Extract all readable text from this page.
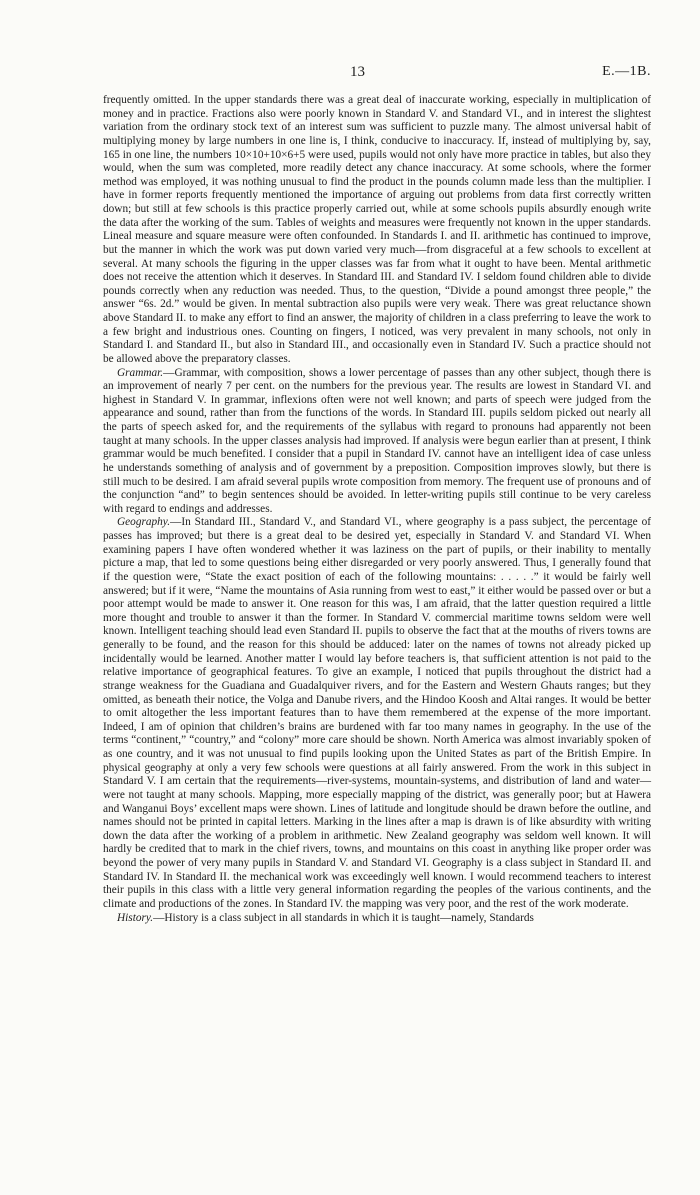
13	E.—1B.

frequently omitted. In the upper standards there was a great deal of inaccurate working, especially in multiplication of money and in practice. Fractions also were poorly known in Standard V. and Standard VI., and in interest the slightest variation from the ordinary stock text of an interest sum was sufficient to puzzle many. The almost universal habit of multiplying money by large numbers in one line is, I think, conducive to inaccuracy. If, instead of multiplying by, say, 165 in one line, the numbers 10×10+10×6+5 were used, pupils would not only have more practice in tables, but also they would, when the sum was completed, more readily detect any chance inaccuracy. At some schools, where the former method was employed, it was nothing unusual to find the product in the pounds column made less than the multiplier. I have in former reports frequently mentioned the importance of arguing out problems from data first correctly written down; but still at few schools is this practice properly carried out, while at some schools pupils absurdly enough write the data after the working of the sum. Tables of weights and measures were frequently not known in the upper standards. Lineal measure and square measure were often confounded. In Standards I. and II. arithmetic has continued to improve, but the manner in which the work was put down varied very much—from disgraceful at a few schools to excellent at several. At many schools the figuring in the upper classes was far from what it ought to have been. Mental arithmetic does not receive the attention which it deserves. In Standard III. and Standard IV. I seldom found children able to divide pounds correctly when any reduction was needed. Thus, to the question, “Divide a pound amongst three people,” the answer “6s. 2d.” would be given. In mental subtraction also pupils were very weak. There was great reluctance shown above Standard II. to make any effort to find an answer, the majority of children in a class preferring to leave the work to a few bright and industrious ones. Counting on fingers, I noticed, was very prevalent in many schools, not only in Standard I. and Standard II., but also in Standard III., and occasionally even in Standard IV. Such a practice should not be allowed above the preparatory classes.

Grammar.—Grammar, with composition, shows a lower percentage of passes than any other subject, though there is an improvement of nearly 7 per cent. on the numbers for the previous year. The results are lowest in Standard VI. and highest in Standard V. In grammar, inflexions often were not well known; and parts of speech were judged from the appearance and sound, rather than from the functions of the words. In Standard III. pupils seldom picked out nearly all the parts of speech asked for, and the requirements of the syllabus with regard to pronouns had apparently not been taught at many schools. In the upper classes analysis had improved. If analysis were begun earlier than at present, I think grammar would be much benefited. I consider that a pupil in Standard IV. cannot have an intelligent idea of case unless he understands something of analysis and of government by a preposition. Composition improves slowly, but there is still much to be desired. I am afraid several pupils wrote composition from memory. The frequent use of pronouns and of the conjunction “and” to begin sentences should be avoided. In letter-writing pupils still continue to be very careless with regard to endings and addresses.

Geography.—In Standard III., Standard V., and Standard VI., where geography is a pass subject, the percentage of passes has improved; but there is a great deal to be desired yet, especially in Standard V. and Standard VI. When examining papers I have often wondered whether it was laziness on the part of pupils, or their inability to mentally picture a map, that led to some questions being either disregarded or very poorly answered. Thus, I generally found that if the question were, “State the exact position of each of the following mountains: . . . . .” it would be fairly well answered; but if it were, “Name the mountains of Asia running from west to east,” it either would be passed over or but a poor attempt would be made to answer it. One reason for this was, I am afraid, that the latter question required a little more thought and trouble to answer it than the former. In Standard V. commercial maritime towns seldom were well known. Intelligent teaching should lead even Standard II. pupils to observe the fact that at the mouths of rivers towns are generally to be found, and the reason for this should be adduced: later on the names of towns not already picked up incidentally would be learned. Another matter I would lay before teachers is, that sufficient attention is not paid to the relative importance of geographical features. To give an example, I noticed that pupils throughout the district had a strange weakness for the Guadiana and Guadalquiver rivers, and for the Eastern and Western Ghauts ranges; but they omitted, as beneath their notice, the Volga and Danube rivers, and the Hindoo Koosh and Altai ranges. It would be better to omit altogether the less important features than to have them remembered at the expense of the more important. Indeed, I am of opinion that children’s brains are burdened with far too many names in geography. In the use of the terms “continent,” “country,” and “colony” more care should be shown. North America was almost invariably spoken of as one country, and it was not unusual to find pupils looking upon the United States as part of the British Empire. In physical geography at only a very few schools were questions at all fairly answered. From the work in this subject in Standard V. I am certain that the requirements—river-systems, mountain-systems, and distribution of land and water—were not taught at many schools. Mapping, more especially mapping of the district, was generally poor; but at Hawera and Wanganui Boys’ excellent maps were shown. Lines of latitude and longitude should be drawn before the outline, and names should not be printed in capital letters. Marking in the lines after a map is drawn is of like absurdity with writing down the data after the working of a problem in arithmetic. New Zealand geography was seldom well known. It will hardly be credited that to mark in the chief rivers, towns, and mountains on this coast in anything like proper order was beyond the power of very many pupils in Standard V. and Standard VI. Geography is a class subject in Standard II. and Standard IV. In Standard II. the mechanical work was exceedingly well known. I would recommend teachers to interest their pupils in this class with a little very general information regarding the peoples of the various continents, and the climate and productions of the zones. In Standard IV. the mapping was very poor, and the rest of the work moderate.

History.—History is a class subject in all standards in which it is taught—namely, Standards
